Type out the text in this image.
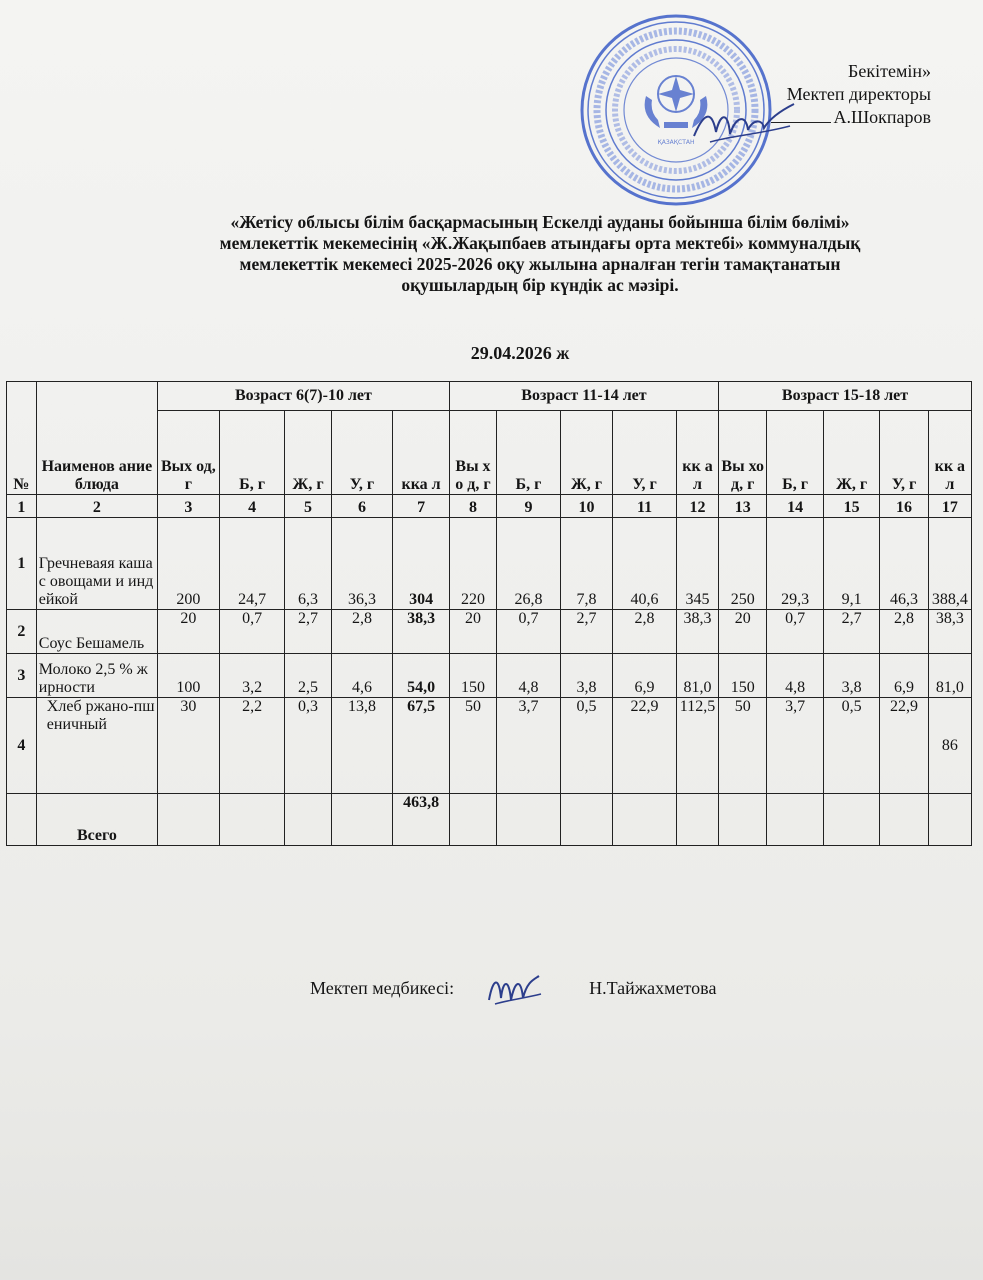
ҚАЗАҚСТАН
Бекітемін»
Мектеп директоры
А.Шокпаров
«Жетісу облысы білім басқармасының Ескелді ауданы бойынша білім бөлімі»
мемлекеттік мекемесінің «Ж.Жақыпбаев атындағы орта мектебі» коммуналдық
мемлекеттік мекемесі 2025-2026 оқу жылына арналған тегін тамақтанатын
оқушылардың бір күндік ас мәзірі.
29.04.2026 ж
№	Наименов ание блюда	Возраст 6(7)-10 лет					Возраст 11-14 лет					Возраст 15-18 лет				
		Вых од, г	Б, г	Ж, г	У, г	кка л	Вы хо д, г	Б, г	Ж, г	У, г	кк ал	Вы хо д, г	Б, г	Ж, г	У, г	кк ал
1	2	3	4	5	6	7	8	9	10	11	12	13	14	15	16	17
1	Гречневаяя каша с овощами и индейкой	200	24,7	6,3	36,3	304	220	26,8	7,8	40,6	345	250	29,3	9,1	46,3	388,4
2	Соус Бешамель	20	0,7	2,7	2,8	38,3	20	0,7	2,7	2,8	38,3	20	0,7	2,7	2,8	38,3
3	Молоко 2,5 % жирности	100	3,2	2,5	4,6	54,0	150	4,8	3,8	6,9	81,0	150	4,8	3,8	6,9	81,0
4	Хлеб ржано-пшеничный	30	2,2	0,3	13,8	67,5	50	3,7	0,5	22,9	112,5	50	3,7	0,5	22,9	86
	Всего					463,8										
Мектеп медбикесі:	Н.Тайжахметова
